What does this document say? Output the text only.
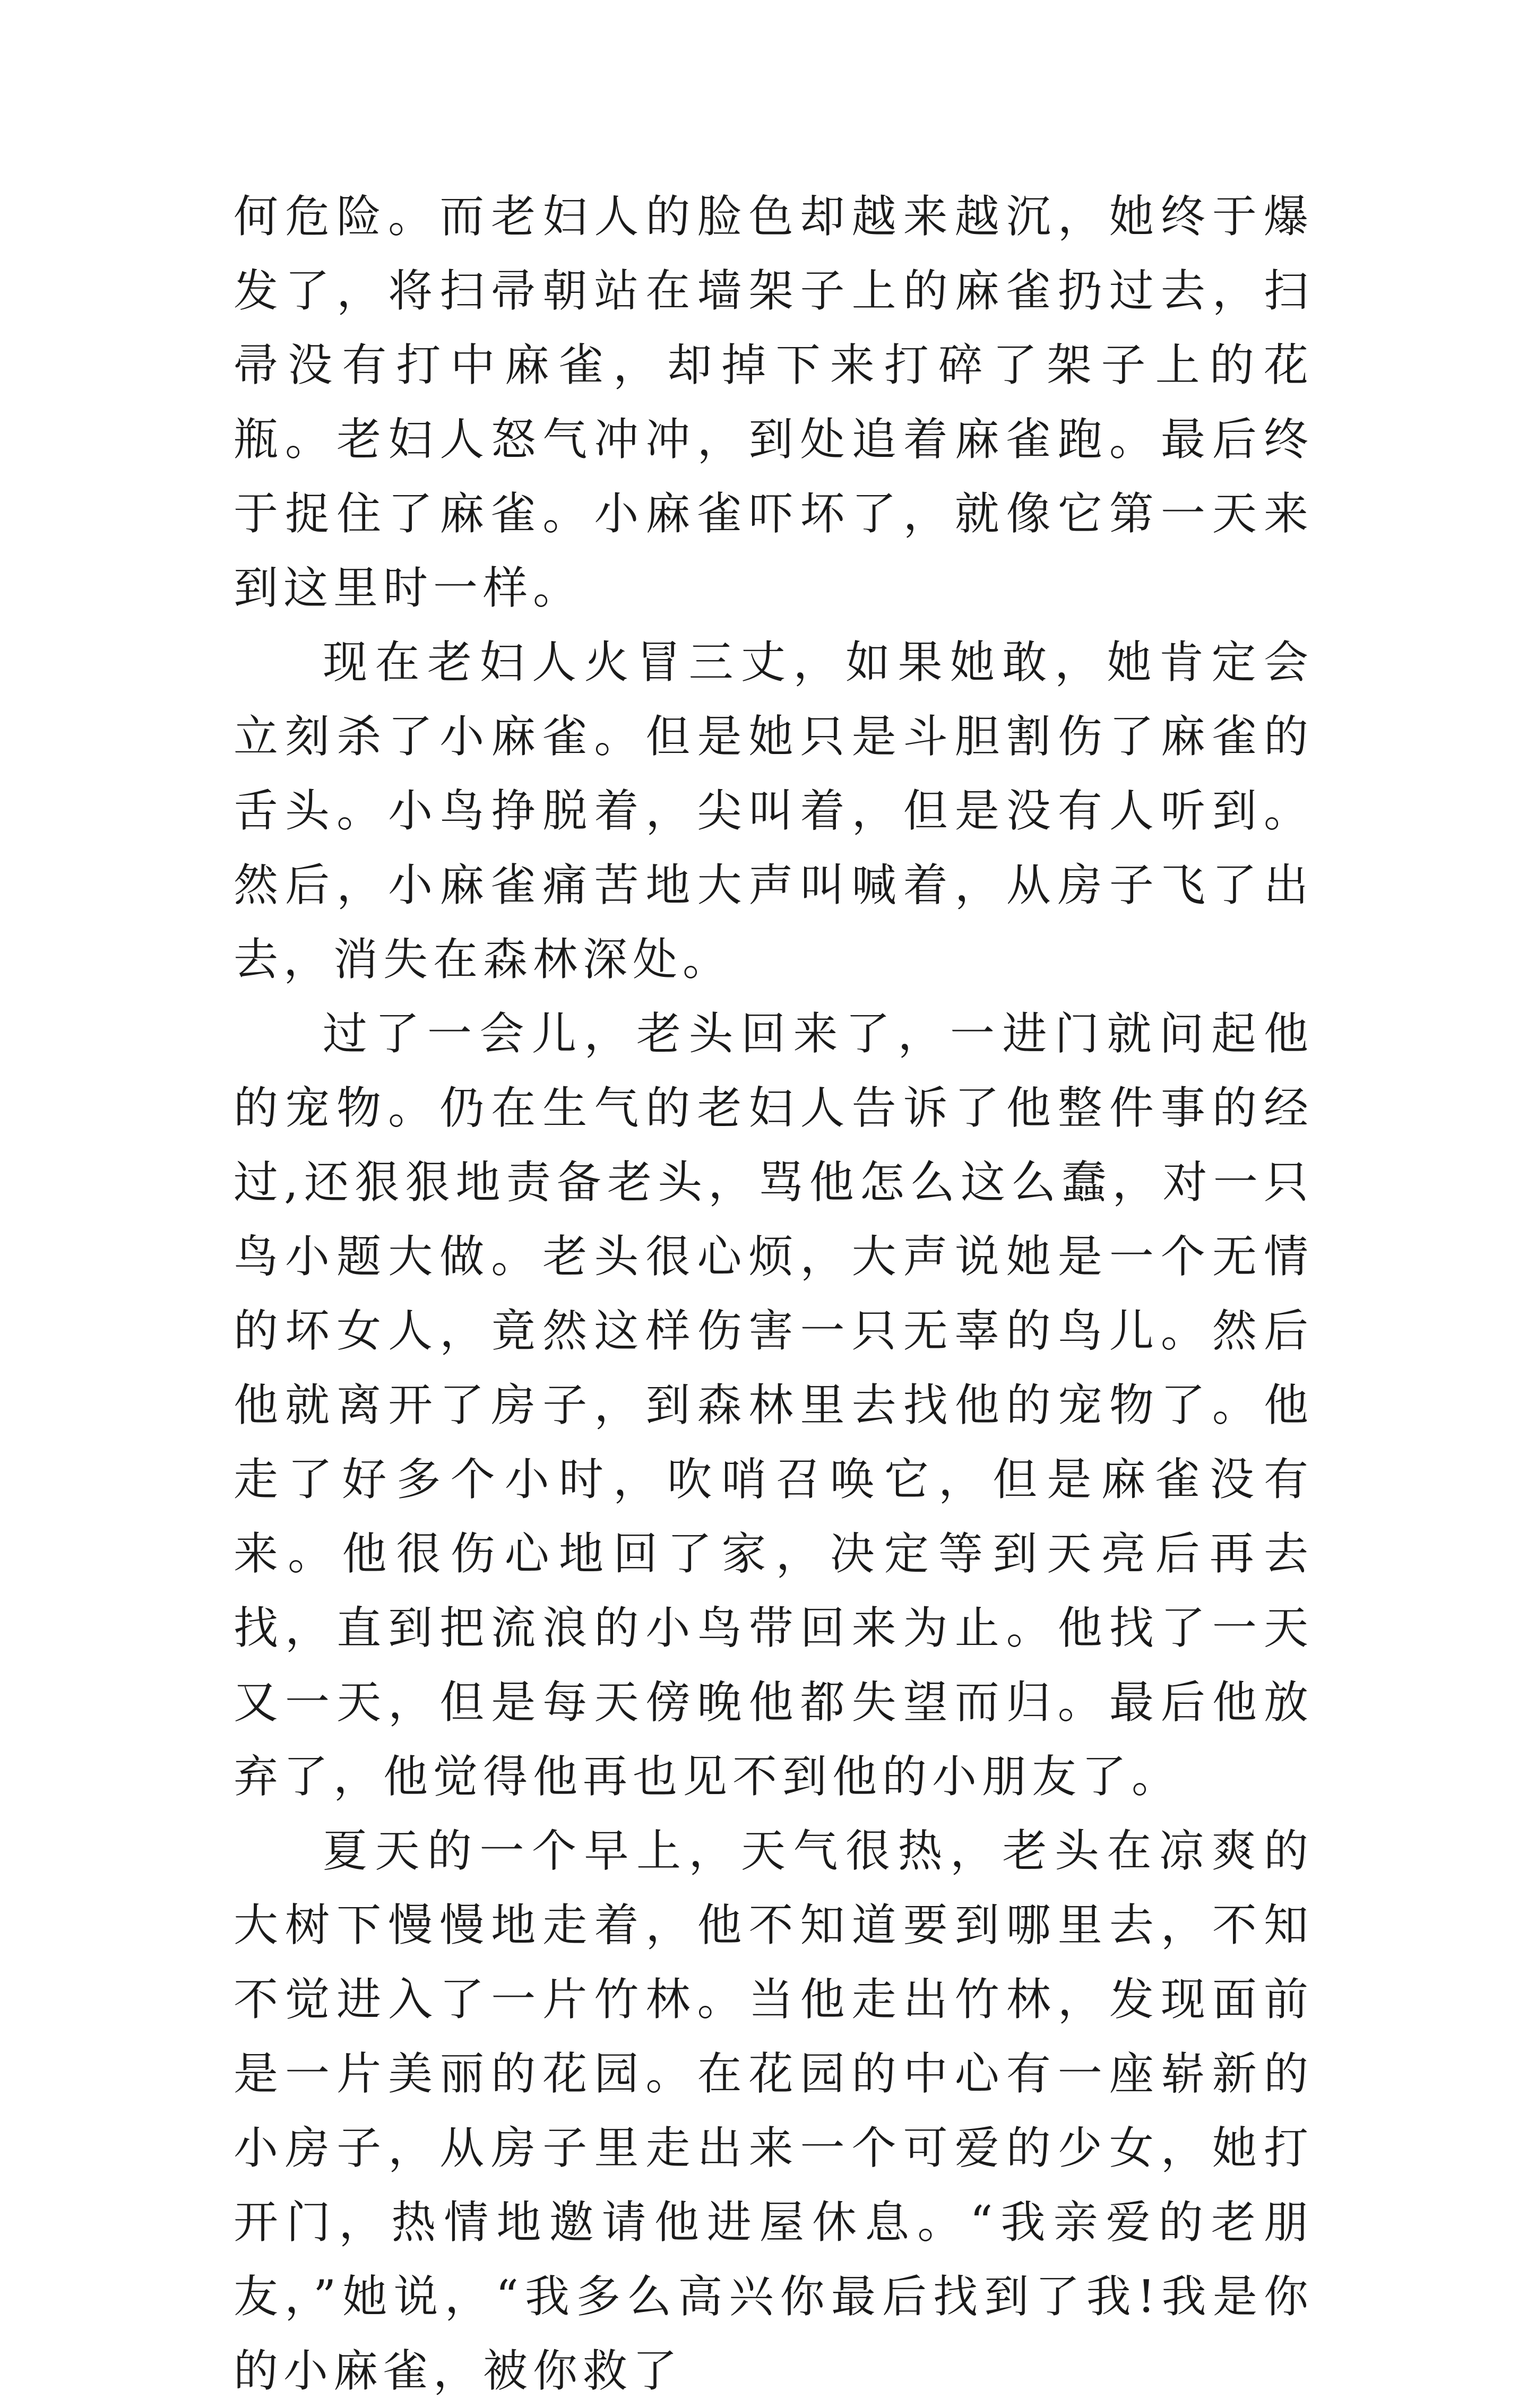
何危险。而老妇人的脸色却越来越沉，她终于爆发了，将扫帚朝站在墙架子上的麻雀扔过去，扫帚没有打中麻雀，却掉下来打碎了架子上的花瓶。老妇人怒气冲冲，到处追着麻雀跑。最后终于捉住了麻雀。小麻雀吓坏了，就像它第一天来到这里时一样。

现在老妇人火冒三丈，如果她敢，她肯定会立刻杀了小麻雀。但是她只是斗胆割伤了麻雀的舌头。小鸟挣脱着，尖叫着，但是没有人听到。然后，小麻雀痛苦地大声叫喊着，从房子飞了出去，消失在森林深处。

过了一会儿，老头回来了，一进门就问起他的宠物。仍在生气的老妇人告诉了他整件事的经过,还狠狠地责备老头，骂他怎么这么蠢，对一只鸟小题大做。老头很心烦，大声说她是一个无情的坏女人，竟然这样伤害一只无辜的鸟儿。然后他就离开了房子，到森林里去找他的宠物了。他走了好多个小时，吹哨召唤它，但是麻雀没有来。他很伤心地回了家，决定等到天亮后再去找，直到把流浪的小鸟带回来为止。他找了一天又一天，但是每天傍晚他都失望而归。最后他放弃了，他觉得他再也见不到他的小朋友了。

夏天的一个早上，天气很热，老头在凉爽的大树下慢慢地走着，他不知道要到哪里去，不知不觉进入了一片竹林。当他走出竹林，发现面前是一片美丽的花园。在花园的中心有一座崭新的小房子，从房子里走出来一个可爱的少女，她打开门，热情地邀请他进屋休息。“我亲爱的老朋友，”她说，“我多么高兴你最后找到了我!我是你的小麻雀，被你救了
